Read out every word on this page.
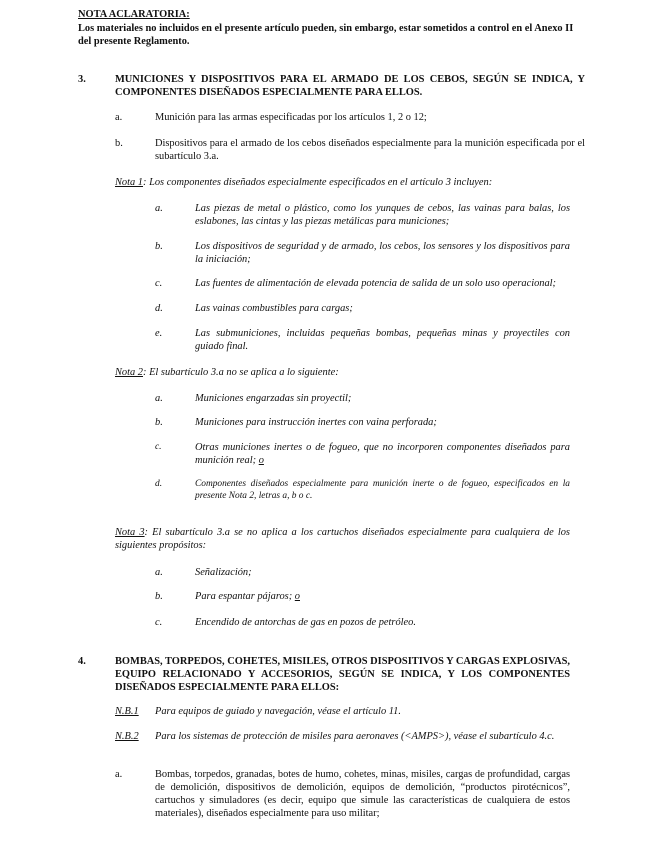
NOTA ACLARATORIA:
Los materiales no incluidos en el presente artículo pueden, sin embargo, estar sometidos a control en el Anexo II del presente Reglamento.
3.	MUNICIONES Y DISPOSITIVOS PARA EL ARMADO DE LOS CEBOS, SEGÚN SE INDICA, Y COMPONENTES DISEÑADOS ESPECIALMENTE PARA ELLOS.
a.	Munición para las armas especificadas por los artículos 1, 2 o 12;
b.	Dispositivos para el armado de los cebos diseñados especialmente para la munición especificada por el subartículo 3.a.
Nota 1: Los componentes diseñados especialmente especificados en el artículo 3 incluyen:
a.	Las piezas de metal o plástico, como los yunques de cebos, las vainas para balas, los eslabones, las cintas y las piezas metálicas para municiones;
b.	Los dispositivos de seguridad y de armado, los cebos, los sensores y los dispositivos para la iniciación;
c.	Las fuentes de alimentación de elevada potencia de salida de un solo uso operacional;
d.	Las vainas combustibles para cargas;
e.	Las submuniciones, incluidas pequeñas bombas, pequeñas minas y proyectiles con guiado final.
Nota 2: El subartículo 3.a no se aplica a lo siguiente:
a.	Municiones engarzadas sin proyectil;
b.	Municiones para instrucción inertes con vaina perforada;
c.	Otras municiones inertes o de fogueo, que no incorporen componentes diseñados para munición real; o
d.	Componentes diseñados especialmente para munición inerte o de fogueo, especificados en la presente Nota 2, letras a, b o c.
Nota 3: El subartículo 3.a se no aplica a los cartuchos diseñados especialmente para cualquiera de los siguientes propósitos:
a.	Señalización;
b.	Para espantar pájaros; o
c.	Encendido de antorchas de gas en pozos de petróleo.
4.	BOMBAS, TORPEDOS, COHETES, MISILES, OTROS DISPOSITIVOS Y CARGAS EXPLOSIVAS, EQUIPO RELACIONADO Y ACCESORIOS, SEGÚN SE INDICA, Y LOS COMPONENTES DISEÑADOS ESPECIALMENTE PARA ELLOS:
N.B.1 Para equipos de guiado y navegación, véase el artículo 11.
N.B.2 Para los sistemas de protección de misiles para aeronaves (<AMPS>), véase el subartículo 4.c.
a.	Bombas, torpedos, granadas, botes de humo, cohetes, minas, misiles, cargas de profundidad, cargas de demolición, dispositivos de demolición, equipos de demolición, “productos pirotécnicos”, cartuchos y simuladores (es decir, equipo que simule las características de cualquiera de estos materiales), diseñados especialmente para uso militar;
